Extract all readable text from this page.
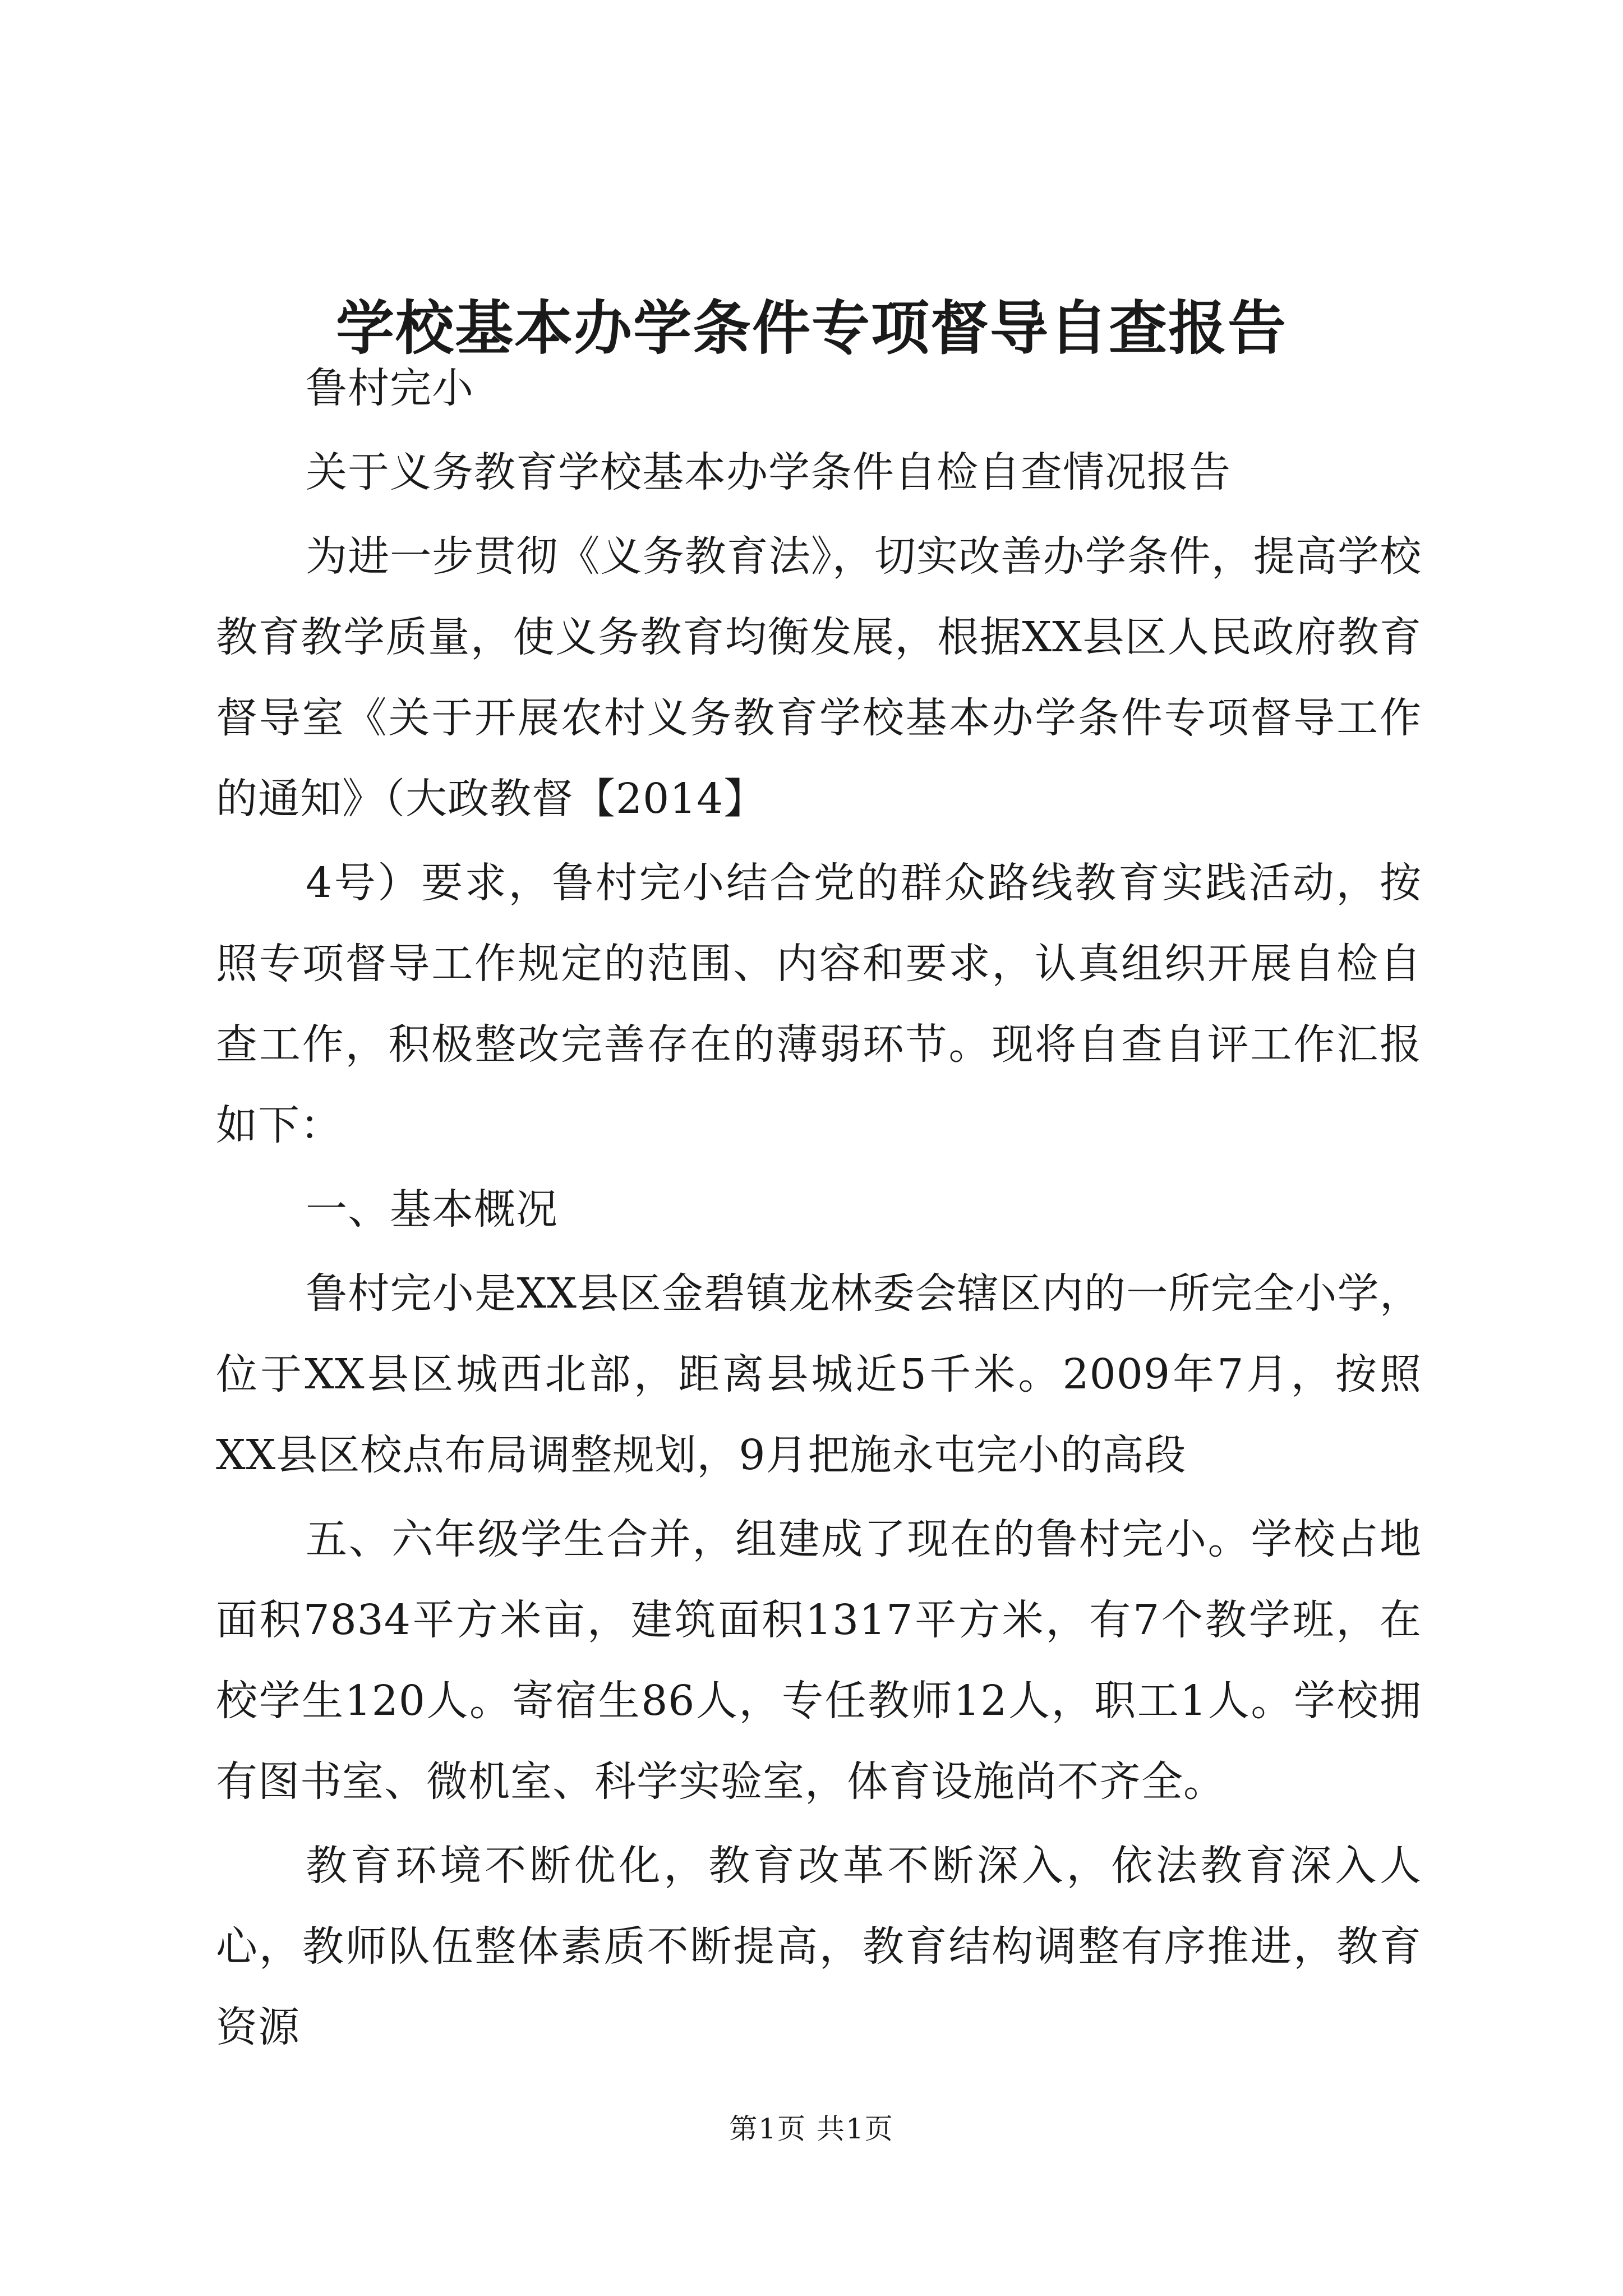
学校基本办学条件专项督导自查报告

鲁村完小

关于义务教育学校基本办学条件自检自查情况报告

为进一步贯彻《义务教育法》，切实改善办学条件，提高学校教育教学质量，使义务教育均衡发展，根据XX县区人民政府教育督导室《关于开展农村义务教育学校基本办学条件专项督导工作的通知》（大政教督【2014】

4号）要求，鲁村完小结合党的群众路线教育实践活动，按照专项督导工作规定的范围、内容和要求，认真组织开展自检自查工作，积极整改完善存在的薄弱环节。现将自查自评工作汇报如下：

一、基本概况

鲁村完小是XX县区金碧镇龙林委会辖区内的一所完全小学，位于XX县区城西北部，距离县城近5千米。2009年7月，按照XX县区校点布局调整规划，9月把施永屯完小的高段

五、六年级学生合并，组建成了现在的鲁村完小。学校占地面积7834平方米亩，建筑面积1317平方米，有7个教学班，在校学生120人。寄宿生86人，专任教师12人，职工1人。学校拥有图书室、微机室、科学实验室，体育设施尚不齐全。

教育环境不断优化，教育改革不断深入，依法教育深入人心，教师队伍整体素质不断提高，教育结构调整有序推进，教育资源

第1页 共1页
